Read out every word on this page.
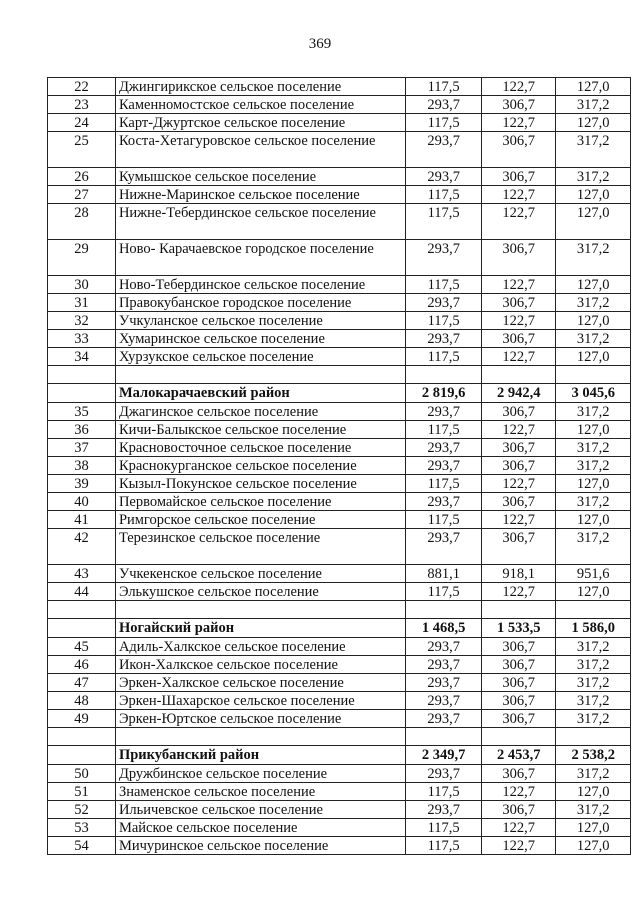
369
22	Джингирикское сельское поселение	117,5	122,7	127,0
23	Каменномостское сельское поселение	293,7	306,7	317,2
24	Карт-Джуртское сельское поселение	117,5	122,7	127,0
25	Коста-Хетагуровское сельское поселение	293,7	306,7	317,2
26	Кумышское сельское поселение	293,7	306,7	317,2
27	Нижне-Маринское сельское поселение	117,5	122,7	127,0
28	Нижне-Тебердинское сельское поселение	117,5	122,7	127,0
29	Ново- Карачаевское городское поселение	293,7	306,7	317,2
30	Ново-Тебердинское сельское поселение	117,5	122,7	127,0
31	Правокубанское городское поселение	293,7	306,7	317,2
32	Учкуланское сельское поселение	117,5	122,7	127,0
33	Хумаринское сельское поселение	293,7	306,7	317,2
34	Хурзукское сельское поселение	117,5	122,7	127,0

	Малокарачаевский район	2 819,6	2 942,4	3 045,6
35	Джагинское сельское поселение	293,7	306,7	317,2
36	Кичи-Балыкское сельское поселение	117,5	122,7	127,0
37	Красновосточное сельское поселение	293,7	306,7	317,2
38	Краснокурганское сельское поселение	293,7	306,7	317,2
39	Кызыл-Покунское сельское поселение	117,5	122,7	127,0
40	Первомайское сельское поселение	293,7	306,7	317,2
41	Римгорское сельское поселение	117,5	122,7	127,0
42	Терезинское сельское поселение	293,7	306,7	317,2
43	Учкекенское сельское поселение	881,1	918,1	951,6
44	Элькушское сельское поселение	117,5	122,7	127,0

	Ногайский район	1 468,5	1 533,5	1 586,0
45	Адиль-Халкское сельское поселение	293,7	306,7	317,2
46	Икон-Халкское сельское поселение	293,7	306,7	317,2
47	Эркен-Халкское сельское поселение	293,7	306,7	317,2
48	Эркен-Шахарское сельское поселение	293,7	306,7	317,2
49	Эркен-Юртское сельское поселение	293,7	306,7	317,2

	Прикубанский район	2 349,7	2 453,7	2 538,2
50	Дружбинское сельское поселение	293,7	306,7	317,2
51	Знаменское сельское поселение	117,5	122,7	127,0
52	Ильичевское сельское поселение	293,7	306,7	317,2
53	Майское сельское поселение	117,5	122,7	127,0
54	Мичуринское сельское поселение	117,5	122,7	127,0
